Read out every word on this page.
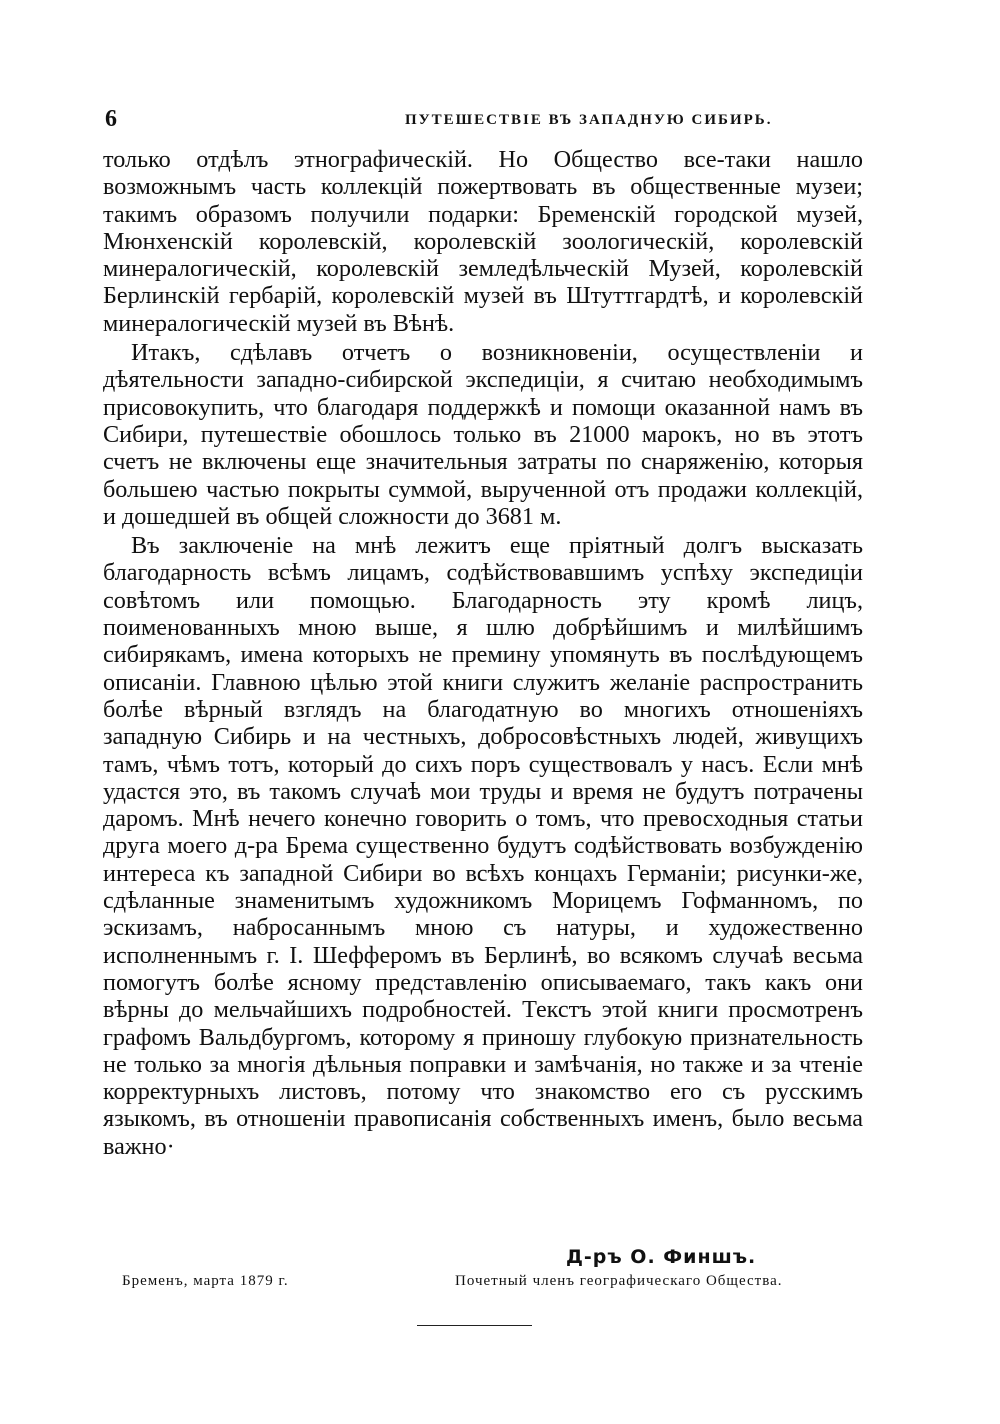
6	ПУТЕШЕСТВІЕ ВЪ ЗАПАДНУЮ СИБИРЬ.

только отдѣлъ этнографическій. Но Общество все-таки нашло возможнымъ часть коллекцій пожертвовать въ общественные музеи; такимъ образомъ получили подарки: Бременскій городской музей, Мюнхенскій королевскій, королевскій зоологическій, королевскій минералогическій, королевскій земледѣльческій Музей, королевскій Берлинскій гербарій, королевскій музей въ Штуттгардтѣ, и королевскій минералогическій музей въ Вѣнѣ.

Итакъ, сдѣлавъ отчетъ о возникновеніи, осуществленіи и дѣятельности западно-сибирской экспедиціи, я считаю необходимымъ присовокупить, что благодаря поддержкѣ и помощи оказанной намъ въ Сибири, путешествіе обошлось только въ 21000 марокъ, но въ этотъ счетъ не включены еще значительныя затраты по снаряженію, которыя большею частью покрыты суммой, вырученной отъ продажи коллекцій, и дошедшей въ общей сложности до 3681 м.

Въ заключеніе на мнѣ лежитъ еще пріятный долгъ высказать благодарность всѣмъ лицамъ, содѣйствовавшимъ успѣху экспедиціи совѣтомъ или помощью. Благодарность эту кромѣ лицъ, поименованныхъ мною выше, я шлю добрѣйшимъ и милѣйшимъ сибирякамъ, имена которыхъ не премину упомянуть въ послѣдующемъ описаніи. Главною цѣлью этой книги служитъ желаніе распространить болѣе вѣрный взглядъ на благодатную во многихъ отношеніяхъ западную Сибирь и на честныхъ, добросовѣстныхъ людей, живущихъ тамъ, чѣмъ тотъ, который до сихъ поръ существовалъ у насъ. Если мнѣ удастся это, въ такомъ случаѣ мои труды и время не будутъ потрачены даромъ. Мнѣ нечего конечно говорить о томъ, что превосходныя статьи друга моего д-ра Брема существенно будутъ содѣйствовать возбужденію интереса къ западной Сибири во всѣхъ концахъ Германіи; рисунки-же, сдѣланные знаменитымъ художникомъ Морицемъ Гофманномъ, по эскизамъ, набросаннымъ мною съ натуры, и художественно исполненнымъ г. І. Шефферомъ въ Берлинѣ, во всякомъ случаѣ весьма помогутъ болѣе ясному представленію описываемаго, такъ какъ они вѣрны до мельчайшихъ подробностей. Текстъ этой книги просмотренъ графомъ Вальдбургомъ, которому я приношу глубокую признательность не только за многія дѣльныя поправки и замѣчанія, но также и за чтеніе корректурныхъ листовъ, потому что знакомство его съ русскимъ языкомъ, въ отношеніи правописанія собственныхъ именъ, было весьма важно·

Д-ръ О. Финшъ.
Бременъ, марта 1879 г.	Почетный членъ географическаго Общества.
